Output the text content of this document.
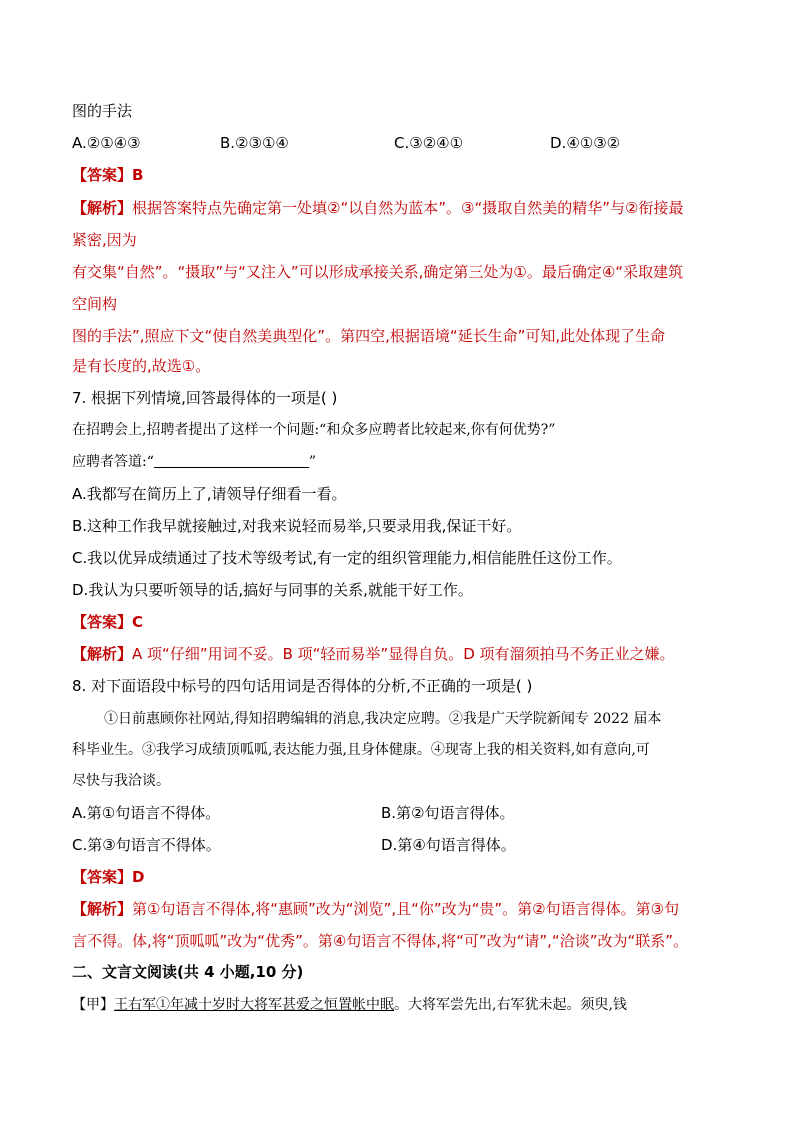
图的手法
A.②①④③	B.②③①④	C.③②④①	D.④①③②
【答案】B
【解析】根据答案特点先确定第一处填②“以自然为蓝本”。③“摄取自然美的精华”与②衔接最
紧密,因为
有交集“自然”。“摄取”与“又注入”可以形成承接关系,确定第三处为①。最后确定④“采取建筑
空间构
图的手法”,照应下文“使自然美典型化”。第四空,根据语境“延长生命”可知,此处体现了生命
是有长度的,故选①。
7. 根据下列情境,回答最得体的一项是( )
在招聘会上,招聘者提出了这样一个问题:“和众多应聘者比较起来,你有何优势?”
应聘者答道:“	”
A.我都写在简历上了,请领导仔细看一看。
B.这种工作我早就接触过,对我来说轻而易举,只要录用我,保证干好。
C.我以优异成绩通过了技术等级考试,有一定的组织管理能力,相信能胜任这份工作。
D.我认为只要听领导的话,搞好与同事的关系,就能干好工作。
【答案】C
【解析】A 项“仔细”用词不妥。B 项“轻而易举”显得自负。D 项有溜须拍马不务正业之嫌。
8. 对下面语段中标号的四句话用词是否得体的分析,不正确的一项是( )
①日前惠顾你社网站,得知招聘编辑的消息,我决定应聘。②我是广天学院新闻专 2022 届本
科毕业生。③我学习成绩顶呱呱,表达能力强,且身体健康。④现寄上我的相关资料,如有意向,可
尽快与我洽谈。
A.第①句语言不得体。	B.第②句语言得体。
C.第③句语言不得体。	D.第④句语言得体。
【答案】D
【解析】第①句语言不得体,将“惠顾”改为“浏览”,且“你”改为“贵”。第②句语言得体。第③句
言不得。体,将“顶呱呱”改为“优秀”。第④句语言不得体,将“可”改为“请”,“洽谈”改为“联系”。
二、文言文阅读(共 4 小题,10 分)
【甲】王右军①年减十岁时大将军甚爱之恒置帐中眠。大将军尝先出,右军犹未起。须臾,钱
